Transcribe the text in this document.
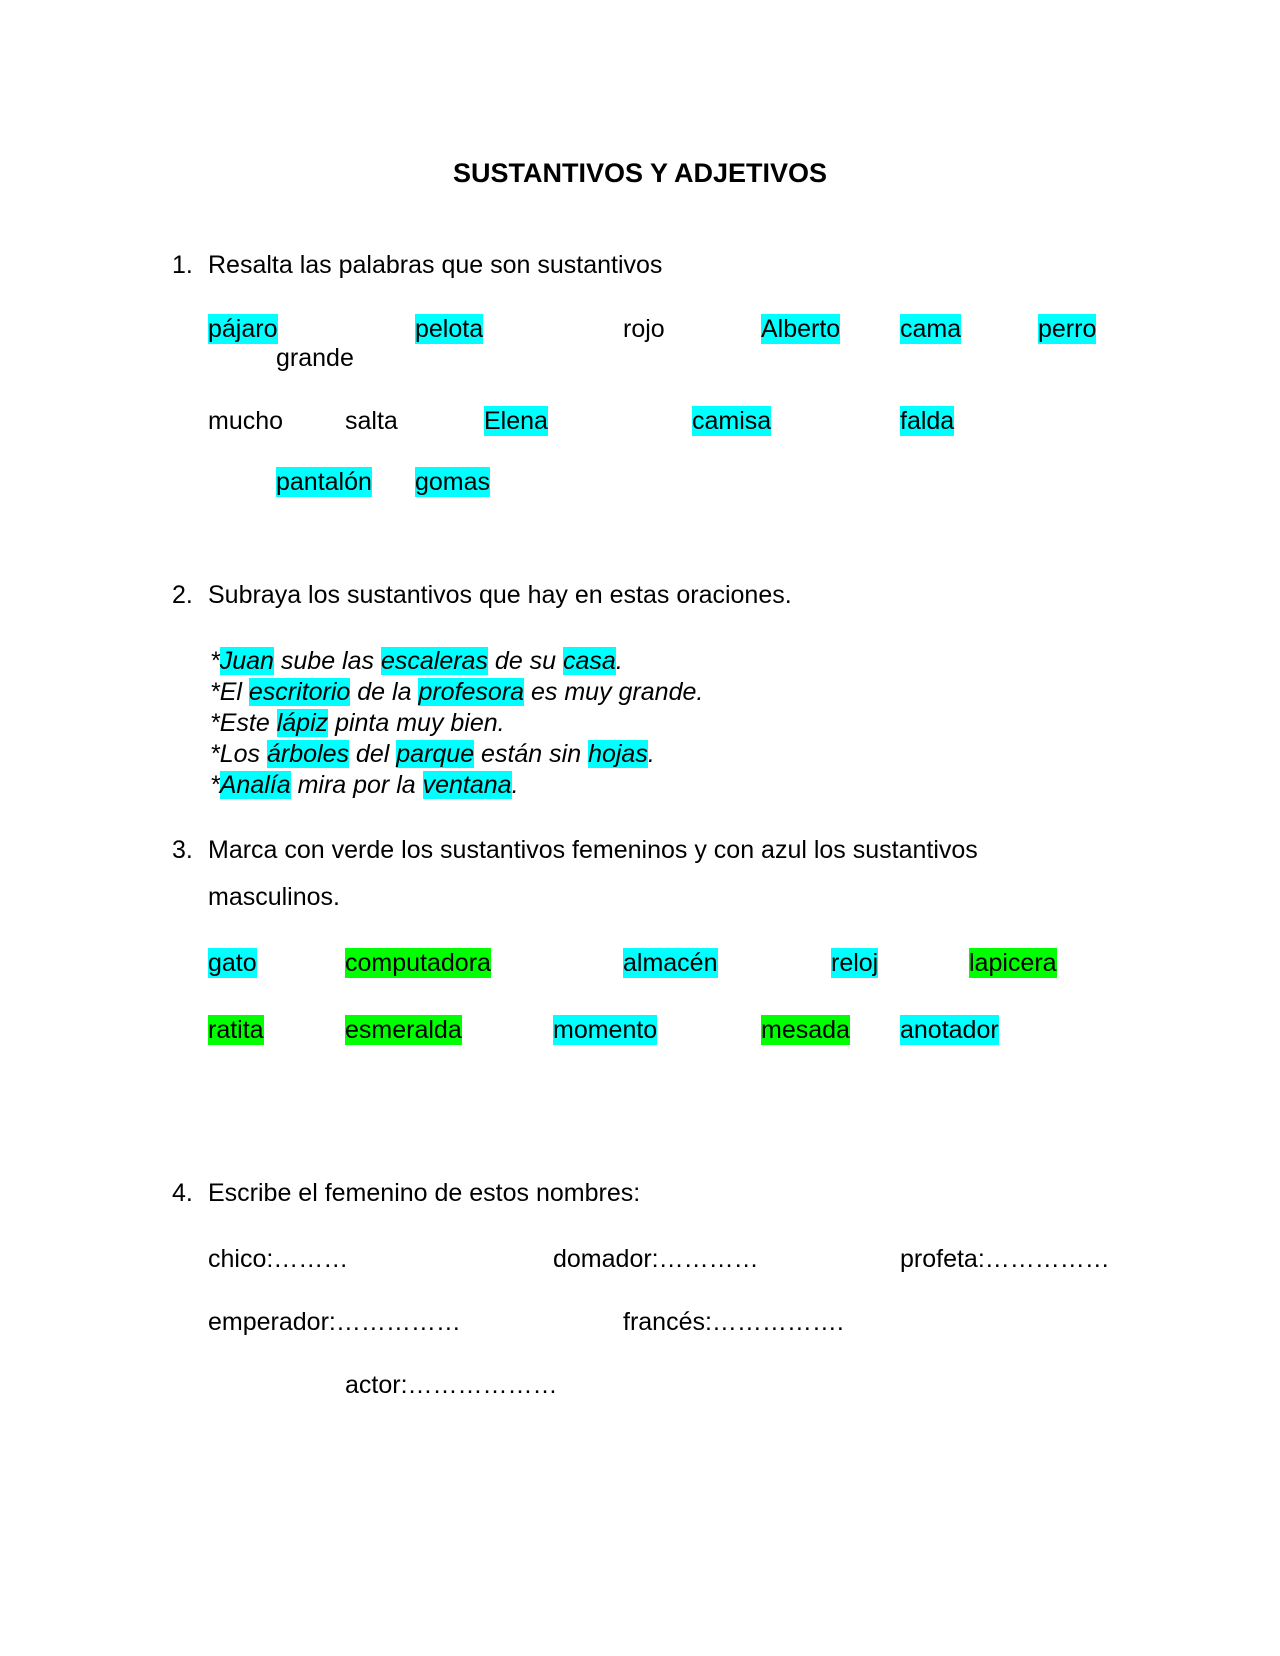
SUSTANTIVOS Y ADJETIVOS
1. Resalta las palabras que son sustantivos
pájaro	pelota	rojo	Alberto cama	perro
grande
mucho salta	Elena	camisa	falda
pantalón gomas
2. Subraya los sustantivos que hay en estas oraciones.
*Juan sube las escaleras de su casa.
*El escritorio de la profesora es muy grande.
*Este lápiz pinta muy bien.
*Los árboles del parque están sin hojas.
*Analía mira por la ventana.
3. Marca con verde los sustantivos femeninos y con azul los sustantivos
masculinos.
gato	computadora	almacén	reloj	lapicera
ratita	esmeralda	momento	mesada anotador
4. Escribe el femenino de estos nombres:
chico:………	domador:…………	profeta:……………
emperador:……………	francés:…………….
actor:………………
